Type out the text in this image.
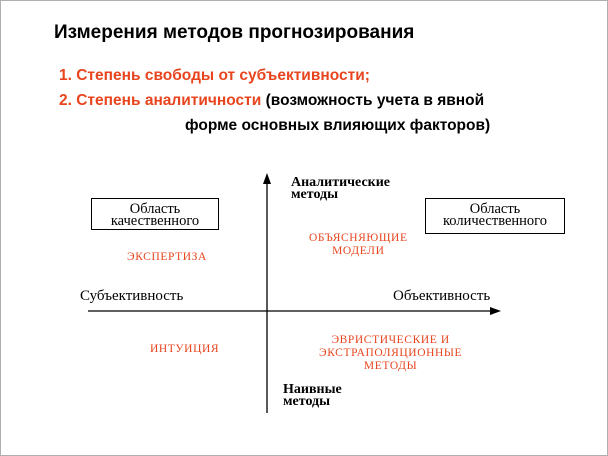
Измерения методов прогнозирования
1. Степень свободы от субъективности;
2. Степень аналитичности (возможность учета в явной
форме основных влияющих факторов)
Аналитические
методы
Наивные
методы
Субъективность	Объективность
Область
качественного
Область
количественного
ЭКСПЕРТИЗА
ОБЪЯСНЯЮЩИЕ
МОДЕЛИ
ИНТУИЦИЯ
ЭВРИСТИЧЕСКИЕ И
ЭКСТРАПОЛЯЦИОННЫЕ
МЕТОДЫ
